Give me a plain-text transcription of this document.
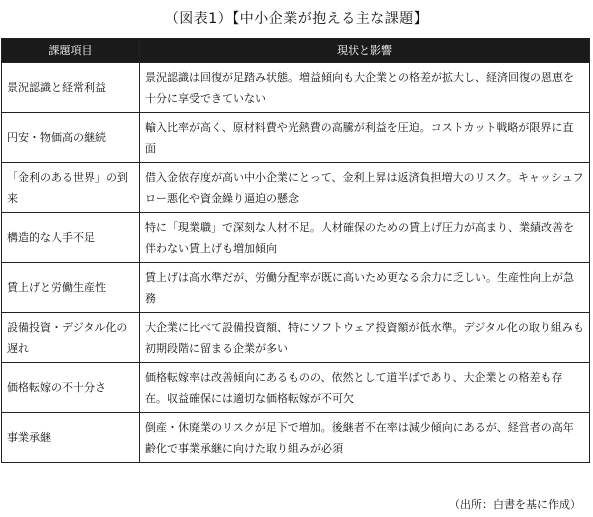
（図表1）【中小企業が抱える主な課題】
課題項目	現状と影響
景況認識と経常利益	景況認識は回復が足踏み状態。増益傾向も大企業との格差が拡大し、経済回復の恩恵を十分に享受できていない
円安・物価高の継続	輸入比率が高く、原材料費や光熱費の高騰が利益を圧迫。コストカット戦略が限界に直面
「金利のある世界」の到来	借入金依存度が高い中小企業にとって、金利上昇は返済負担増大のリスク。キャッシュフロー悪化や資金繰り逼迫の懸念
構造的な人手不足	特に「現業職」で深刻な人材不足。人材確保のための賃上げ圧力が高まり、業績改善を伴わない賃上げも増加傾向
賃上げと労働生産性	賃上げは高水準だが、労働分配率が既に高いため更なる余力に乏しい。生産性向上が急務
設備投資・デジタル化の遅れ	大企業に比べて設備投資額、特にソフトウェア投資額が低水準。デジタル化の取り組みも初期段階に留まる企業が多い
価格転嫁の不十分さ	価格転嫁率は改善傾向にあるものの、依然として道半ばであり、大企業との格差も存在。収益確保には適切な価格転嫁が不可欠
事業承継	倒産・休廃業のリスクが足下で増加。後継者不在率は減少傾向にあるが、経営者の高年齢化で事業承継に向けた取り組みが必須
（出所：白書を基に作成）
